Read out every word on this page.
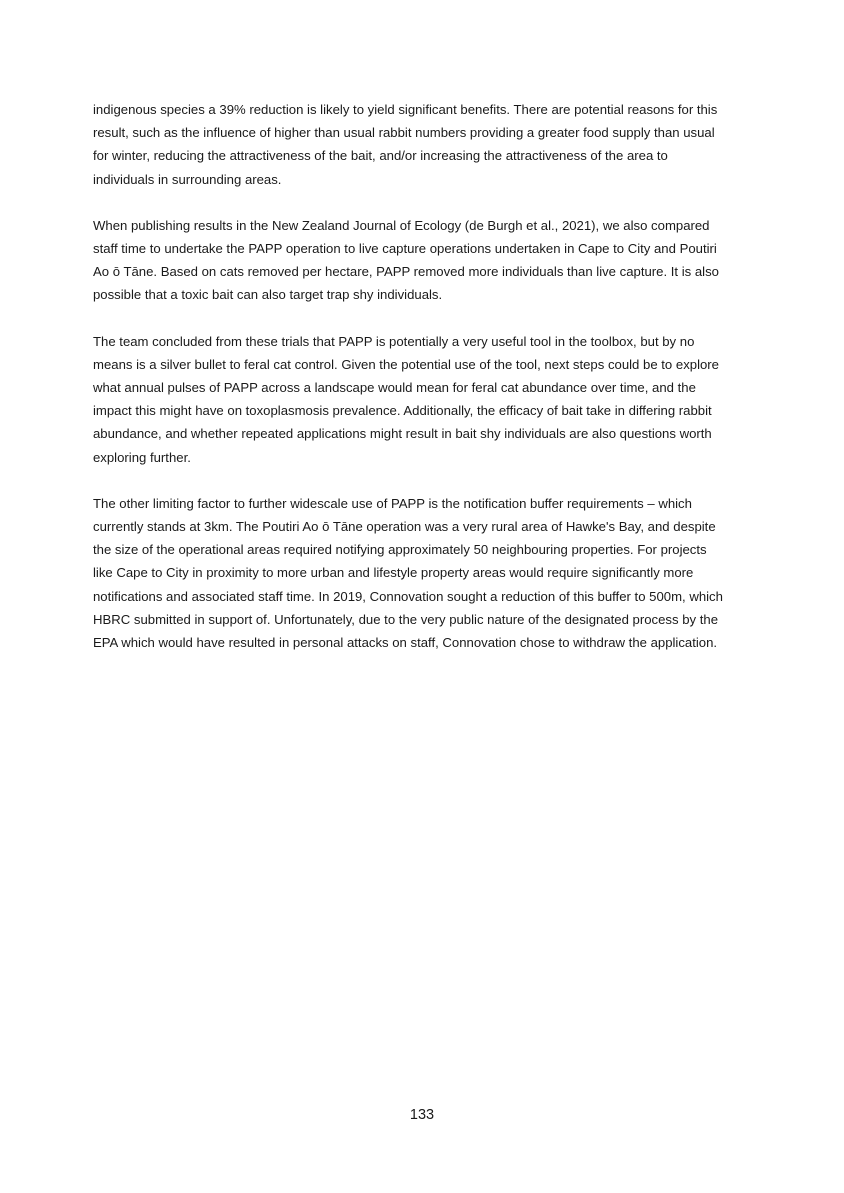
indigenous species a 39% reduction is likely to yield significant benefits. There are potential reasons for this
result, such as the influence of higher than usual rabbit numbers providing a greater food supply than usual
for winter, reducing the attractiveness of the bait, and/or increasing the attractiveness of the area to
individuals in surrounding areas.

When publishing results in the New Zealand Journal of Ecology (de Burgh et al., 2021), we also compared
staff time to undertake the PAPP operation to live capture operations undertaken in Cape to City and Poutiri
Ao ō Tāne. Based on cats removed per hectare, PAPP removed more individuals than live capture. It is also
possible that a toxic bait can also target trap shy individuals.

The team concluded from these trials that PAPP is potentially a very useful tool in the toolbox, but by no
means is a silver bullet to feral cat control. Given the potential use of the tool, next steps could be to explore
what annual pulses of PAPP across a landscape would mean for feral cat abundance over time, and the
impact this might have on toxoplasmosis prevalence. Additionally, the efficacy of bait take in differing rabbit
abundance, and whether repeated applications might result in bait shy individuals are also questions worth
exploring further.

The other limiting factor to further widescale use of PAPP is the notification buffer requirements – which
currently stands at 3km. The Poutiri Ao ō Tāne operation was a very rural area of Hawke's Bay, and despite
the size of the operational areas required notifying approximately 50 neighbouring properties. For projects
like Cape to City in proximity to more urban and lifestyle property areas would require significantly more
notifications and associated staff time. In 2019, Connovation sought a reduction of this buffer to 500m, which
HBRC submitted in support of. Unfortunately, due to the very public nature of the designated process by the
EPA which would have resulted in personal attacks on staff, Connovation chose to withdraw the application.

133
